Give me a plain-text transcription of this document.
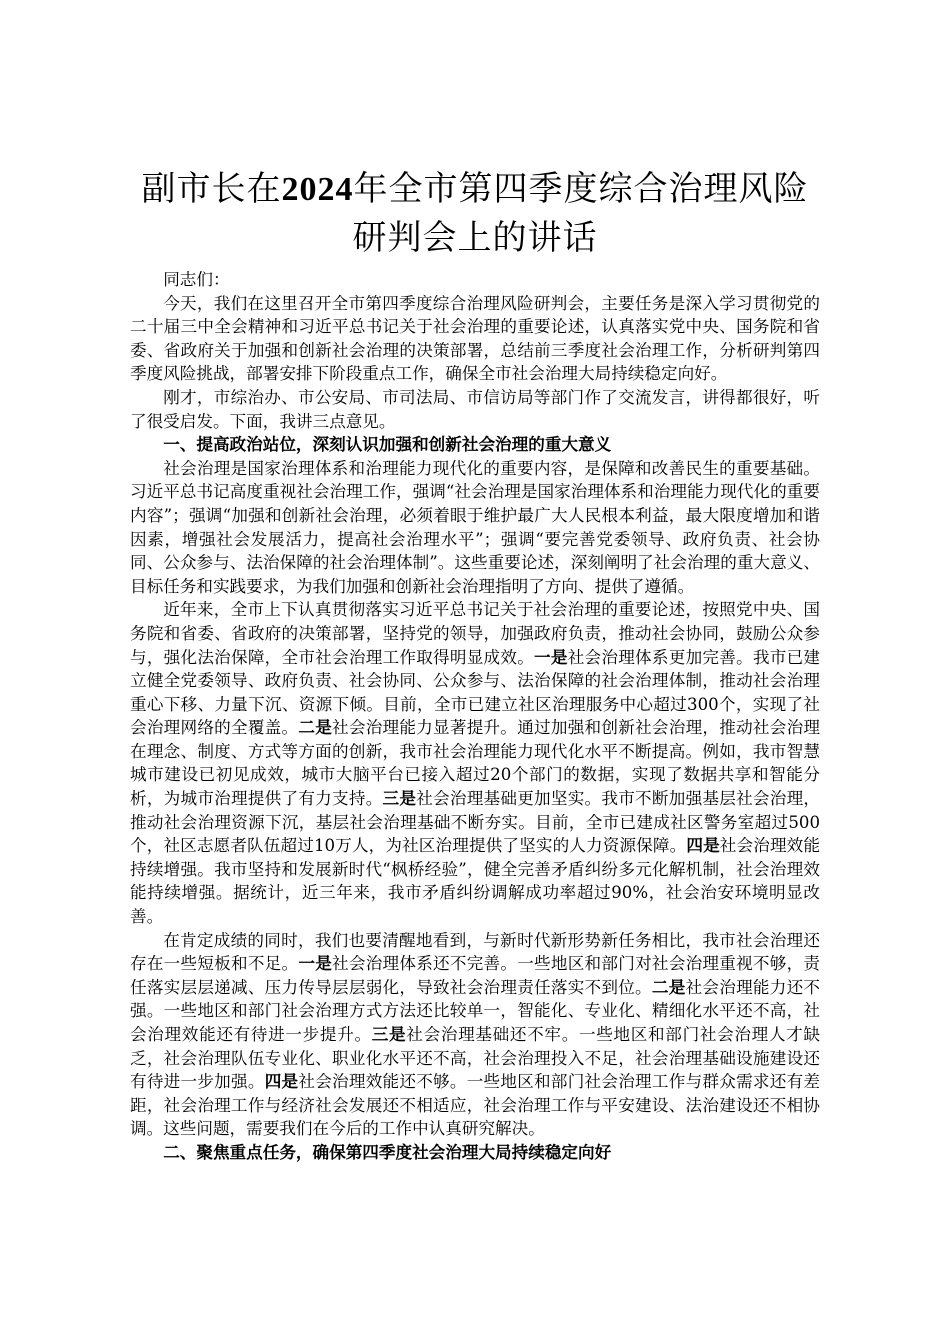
副市长在2024年全市第四季度综合治理风险
研判会上的讲话

同志们：

今天，我们在这里召开全市第四季度综合治理风险研判会，主要任务是深入学习贯彻党的二十届三中全会精神和习近平总书记关于社会治理的重要论述，认真落实党中央、国务院和省委、省政府关于加强和创新社会治理的决策部署，总结前三季度社会治理工作，分析研判第四季度风险挑战，部署安排下阶段重点工作，确保全市社会治理大局持续稳定向好。

刚才，市综治办、市公安局、市司法局、市信访局等部门作了交流发言，讲得都很好，听了很受启发。下面，我讲三点意见。

一、提高政治站位，深刻认识加强和创新社会治理的重大意义

社会治理是国家治理体系和治理能力现代化的重要内容，是保障和改善民生的重要基础。习近平总书记高度重视社会治理工作，强调“社会治理是国家治理体系和治理能力现代化的重要内容”；强调“加强和创新社会治理，必须着眼于维护最广大人民根本利益，最大限度增加和谐因素，增强社会发展活力，提高社会治理水平”；强调“要完善党委领导、政府负责、社会协同、公众参与、法治保障的社会治理体制”。这些重要论述，深刻阐明了社会治理的重大意义、目标任务和实践要求，为我们加强和创新社会治理指明了方向、提供了遵循。

近年来，全市上下认真贯彻落实习近平总书记关于社会治理的重要论述，按照党中央、国务院和省委、省政府的决策部署，坚持党的领导，加强政府负责，推动社会协同，鼓励公众参与，强化法治保障，全市社会治理工作取得明显成效。一是社会治理体系更加完善。我市已建立健全党委领导、政府负责、社会协同、公众参与、法治保障的社会治理体制，推动社会治理重心下移、力量下沉、资源下倾。目前，全市已建立社区治理服务中心超过300个，实现了社会治理网络的全覆盖。二是社会治理能力显著提升。通过加强和创新社会治理，推动社会治理在理念、制度、方式等方面的创新，我市社会治理能力现代化水平不断提高。例如，我市智慧城市建设已初见成效，城市大脑平台已接入超过20个部门的数据，实现了数据共享和智能分析，为城市治理提供了有力支持。三是社会治理基础更加坚实。我市不断加强基层社会治理，推动社会治理资源下沉，基层社会治理基础不断夯实。目前，全市已建成社区警务室超过500个，社区志愿者队伍超过10万人，为社区治理提供了坚实的人力资源保障。四是社会治理效能持续增强。我市坚持和发展新时代“枫桥经验”，健全完善矛盾纠纷多元化解机制，社会治理效能持续增强。据统计，近三年来，我市矛盾纠纷调解成功率超过90%，社会治安环境明显改善。

在肯定成绩的同时，我们也要清醒地看到，与新时代新形势新任务相比，我市社会治理还存在一些短板和不足。一是社会治理体系还不完善。一些地区和部门对社会治理重视不够，责任落实层层递减、压力传导层层弱化，导致社会治理责任落实不到位。二是社会治理能力还不强。一些地区和部门社会治理方式方法还比较单一，智能化、专业化、精细化水平还不高，社会治理效能还有待进一步提升。三是社会治理基础还不牢。一些地区和部门社会治理人才缺乏，社会治理队伍专业化、职业化水平还不高，社会治理投入不足，社会治理基础设施建设还有待进一步加强。四是社会治理效能还不够。一些地区和部门社会治理工作与群众需求还有差距，社会治理工作与经济社会发展还不相适应，社会治理工作与平安建设、法治建设还不相协调。这些问题，需要我们在今后的工作中认真研究解决。

二、聚焦重点任务，确保第四季度社会治理大局持续稳定向好
